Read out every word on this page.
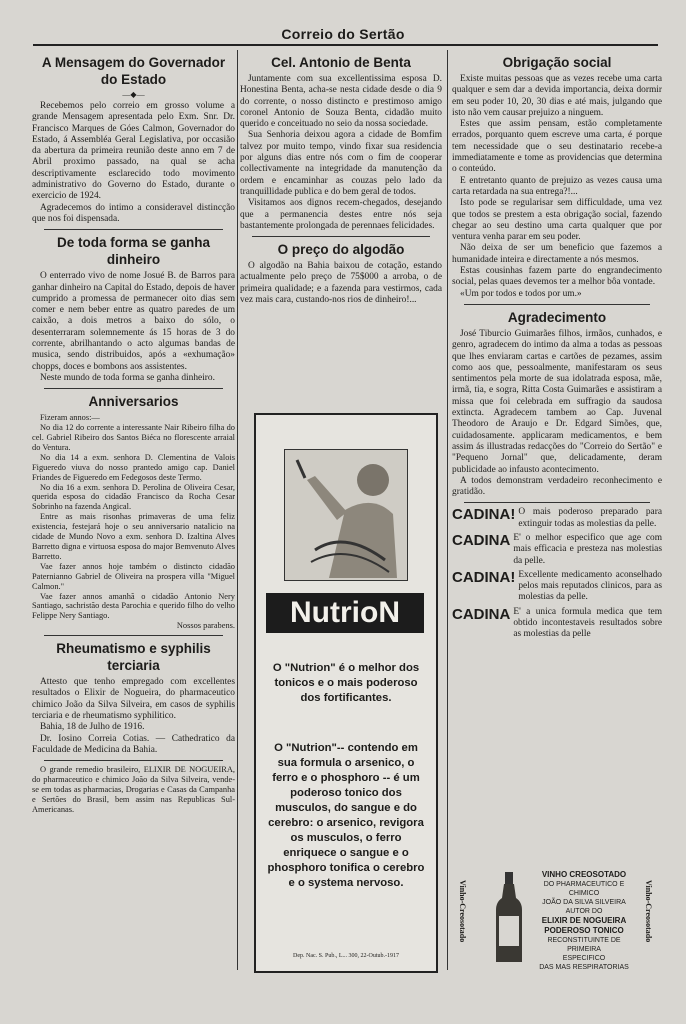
Correio do Sertão
A Mensagem do Governador do Estado
—◆—

Recebemos pelo correio em grosso volume a grande Mensagem apresentada pelo Exm. Snr. Dr. Francisco Marques de Góes Calmon, Governador do Estado, á Assembléa Geral Legislativa, por occasião da abertura da primeira reunião deste anno em 7 de Abril proximo passado, na qual se acha descriptivamente esclarecido todo movimento administrativo do Governo do Estado, durante o exercicio de 1924.

Agradecemos do intimo a consideravel distincção que nos foi dispensada.

De toda forma se ganha dinheiro

O enterrado vivo de nome Josué B. de Barros para ganhar dinheiro na Capital do Estado, depois de haver cumprido a promessa de permanecer oito dias sem comer e nem beber entre as quatro paredes de um caixão, a dois metros a baixo do sólo, o desenterraram solemnemente ás 15 horas de 3 do corrente, abrilhantando o acto algumas bandas de musica, sendo distribuidos, após a «exhumação» chopps, doces e bombons aos assistentes.

Neste mundo de toda forma se ganha dinheiro.

Anniversarios

Fizeram annos:—

No dia 12 do corrente a interessante Nair Ribeiro filha do cel. Gabriel Ribeiro dos Santos Biéca no florescente arraial do Ventura.

No dia 14 a exm. senhora D. Clementina de Valois Figueredo viuva do nosso prantedo amigo cap. Daniel Friandes de Figueredo em Fedegosos deste Termo.

No dia 16 a exm. senhora D. Perolina de Oliveira Cesar, querida esposa do cidadão Francisco da Rocha Cesar Sobrinho na fazenda Angical.

Entre as mais risonhas primaveras de uma feliz existencia, festejará hoje o seu anniversario natalicio na cidade de Mundo Novo a exm. senhora D. Izaltina Alves Barretto digna e virtuosa esposa do major Bemvenuto Alves Barretto.

Vae fazer annos hoje também o distincto cidadão Paternianno Gabriel de Oliveira na prospera villa "Miguel Calmon."

Vae fazer annos amanhã o cidadão Antonio Nery Santiago, sachristão desta Parochia e querido filho do velho Felippe Nery Santiago.

Nossos parabens.

Rheumatismo e syphilis terciaria

Attesto que tenho empregado com excellentes resultados o Elixir de Nogueira, do pharmaceutico chimico João da Silva Silveira, em casos de syphilis terciaria e de rheumatismo syphilitico.

Bahia, 18 de Julho de 1916.

Dr. Iosino Correia Cotias. — Cathedratico da Faculdade de Medicina da Bahia.

O grande remedio brasileiro, ELIXIR DE NOGUEIRA, do pharmaceutico e chimico João da Silva Silveira, vende-se em todas as pharmacias, Drogarias e Casas da Campanha e Sertões do Brasil, bem assim nas Republicas Sul-Americanas.

Cel. Antonio de Benta

Juntamente com sua excellentissima esposa D. Honestina Benta, acha-se nesta cidade desde o dia 9 do corrente, o nosso distincto e prestimoso amigo coronel Antonio de Souza Benta, cidadão muito querido e conceituado no seio da nossa sociedade.

Sua Senhoria deixou agora a cidade de Bomfim talvez por muito tempo, vindo fixar sua residencia por alguns dias entre nós com o fim de cooperar collectivamente na integridade da manutenção da ordem e encaminhar as couzas pelo lado da tranquillidade publica e do bem geral de todos.

Visitamos aos dignos recem-chegados, desejando que a permanencia destes entre nós seja bastantemente prolongada de perennaes felicidades.

O preço do algodão

O algodão na Bahia baixou de cotação, estando actualmente pelo preço de 75$000 a arroba, o de primeira qualidade; e a fazenda para vestirmos, cada vez mais cara, custando-nos rios de dinheiro!...

NutrioN
O "Nutrion" é o melhor dos tonicos e o mais poderoso dos fortificantes.
O "Nutrion"-- contendo em sua formula o arsenico, o ferro e o phosphoro -- é um poderoso tonico dos musculos, do sangue e do cerebro: o arsenico, revigora os musculos, o ferro enriquece o sangue e o phosphoro tonifica o cerebro e o systema nervoso.
Dep. Nac. S. Pub., L... 300, 22-Outub.-1917
Obrigação social

Existe muitas pessoas que as vezes recebe uma carta qualquer e sem dar a devida importancia, deixa dormir em seu poder 10, 20, 30 dias e até mais, julgando que isto não vem causar prejuizo a ninguem.

Estes que assim pensam, estão completamente errados, porquanto quem escreve uma carta, é porque tem necessidade que o seu destinatario recebe-a immediatamente e tome as providencias que determina o conteúdo.

E entretanto quanto de prejuizo as vezes causa uma carta retardada na sua entrega?!...

Isto pode se regularisar sem difficuldade, uma vez que todos se prestem a esta obrigação social, fazendo chegar ao seu destino uma carta qualquer que por ventura venha parar em seu poder.

Não deixa de ser um beneficio que fazemos a humanidade inteira e directamente a nós mesmos.

Estas cousinhas fazem parte do engrandecimento social, pelas quaes devemos ter a melhor bôa vontade.

«Um por todos e todos por um.»

Agradecimento

José Tiburcio Guimarães filhos, irmãos, cunhados, e genro, agradecem do intimo da alma a todas as pessoas que lhes enviaram cartas e cartões de pezames, assim como aos que, pessoalmente, manifestaram os seus sentimentos pela morte de sua idolatrada esposa, mãe, irmã, tia, e sogra, Ritta Costa Guimarães e assistiram a missa que foi celebrada em suffragio da saudosa extincta. Agradecem tambem ao Cap. Juvenal Theodoro de Araujo e Dr. Edgard Simões, que, cuidadosamente. applicaram medicamentos, e bem assim ás illustradas redacções do "Correio do Sertão" e "Pequeno Jornal" que, delicadamente, deram publicidade ao infausto acontecimento.

A todos demonstram verdadeiro reconhecimento e gratidão.

CADINA! O mais poderoso preparado para extinguir todas as molestias da pelle.

CADINA E' o melhor especifico que age com mais efficacia e presteza nas molestias da pelle.

CADINA! Excellente medicamento aconselhado pelos mais reputados clinicos, para as molestias da pelle.

CADINA E' a unica formula medica que tem obtido incontestaveis resultados sobre as molestias da pelle

Vinho-Creosotado
VINHO CREOSOTADO
DO PHARMACEUTICO E CHIMICO
JOÃO DA SILVA SILVEIRA
AUTOR DO
ELIXIR DE NOGUEIRA
PODEROSO TONICO
RECONSTITUINTE DE PRIMEIRA
ESPECIFICO
DAS MAS RESPIRATORIAS
Vinho-Creosotado
